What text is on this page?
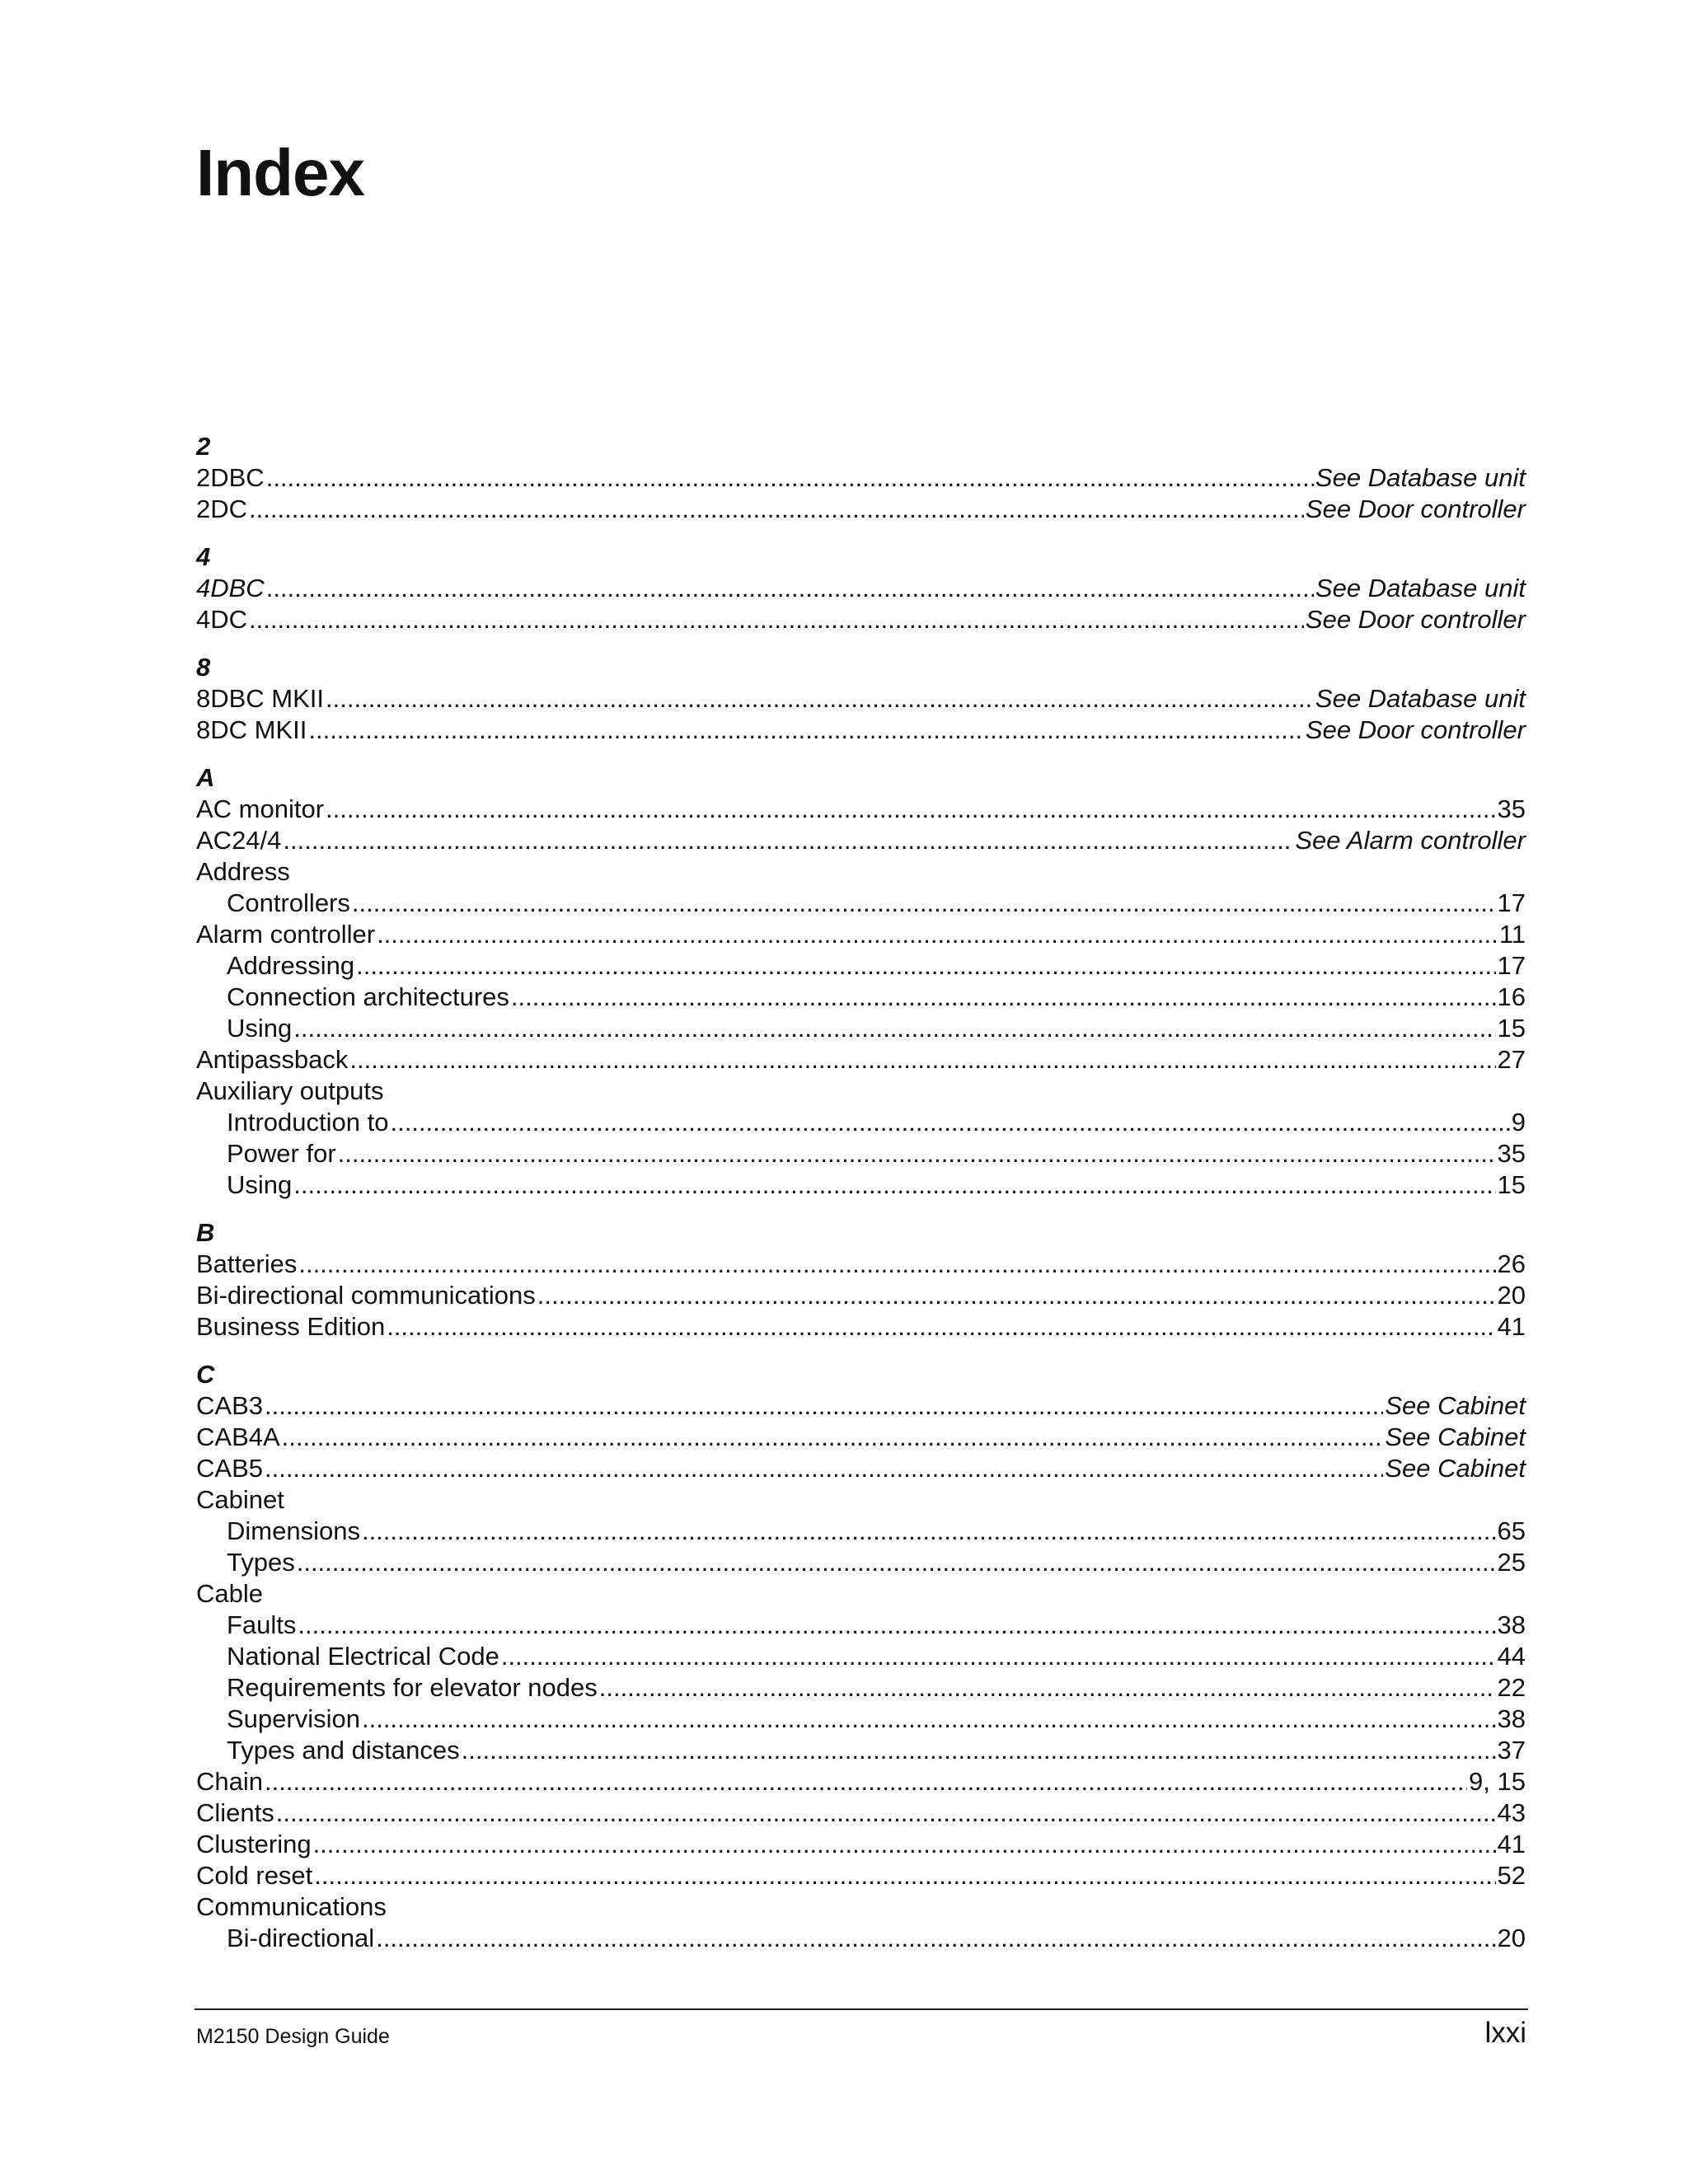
Index
2
2DBC .....	See Database unit
2DC .....	See Door controller
4
4DBC .....	See Database unit
4DC .....	See Door controller
8
8DBC MKII .....	See Database unit
8DC MKII .....	See Door controller
A
AC monitor .....	35
AC24/4 .....	See Alarm controller
Address
Controllers .....	17
Alarm controller .....	11
Addressing .....	17
Connection architectures .....	16
Using .....	15
Antipassback .....	27
Auxiliary outputs
Introduction to .....	9
Power for .....	35
Using .....	15
B
Batteries .....	26
Bi-directional communications .....	20
Business Edition .....	41
C
CAB3 .....	See Cabinet
CAB4A .....	See Cabinet
CAB5 .....	See Cabinet
Cabinet
Dimensions .....	65
Types .....	25
Cable
Faults .....	38
National Electrical Code .....	44
Requirements for elevator nodes .....	22
Supervision .....	38
Types and distances .....	37
Chain .....	9, 15
Clients .....	43
Clustering .....	41
Cold reset .....	52
Communications
Bi-directional .....	20
M2150 Design Guide	lxxi
